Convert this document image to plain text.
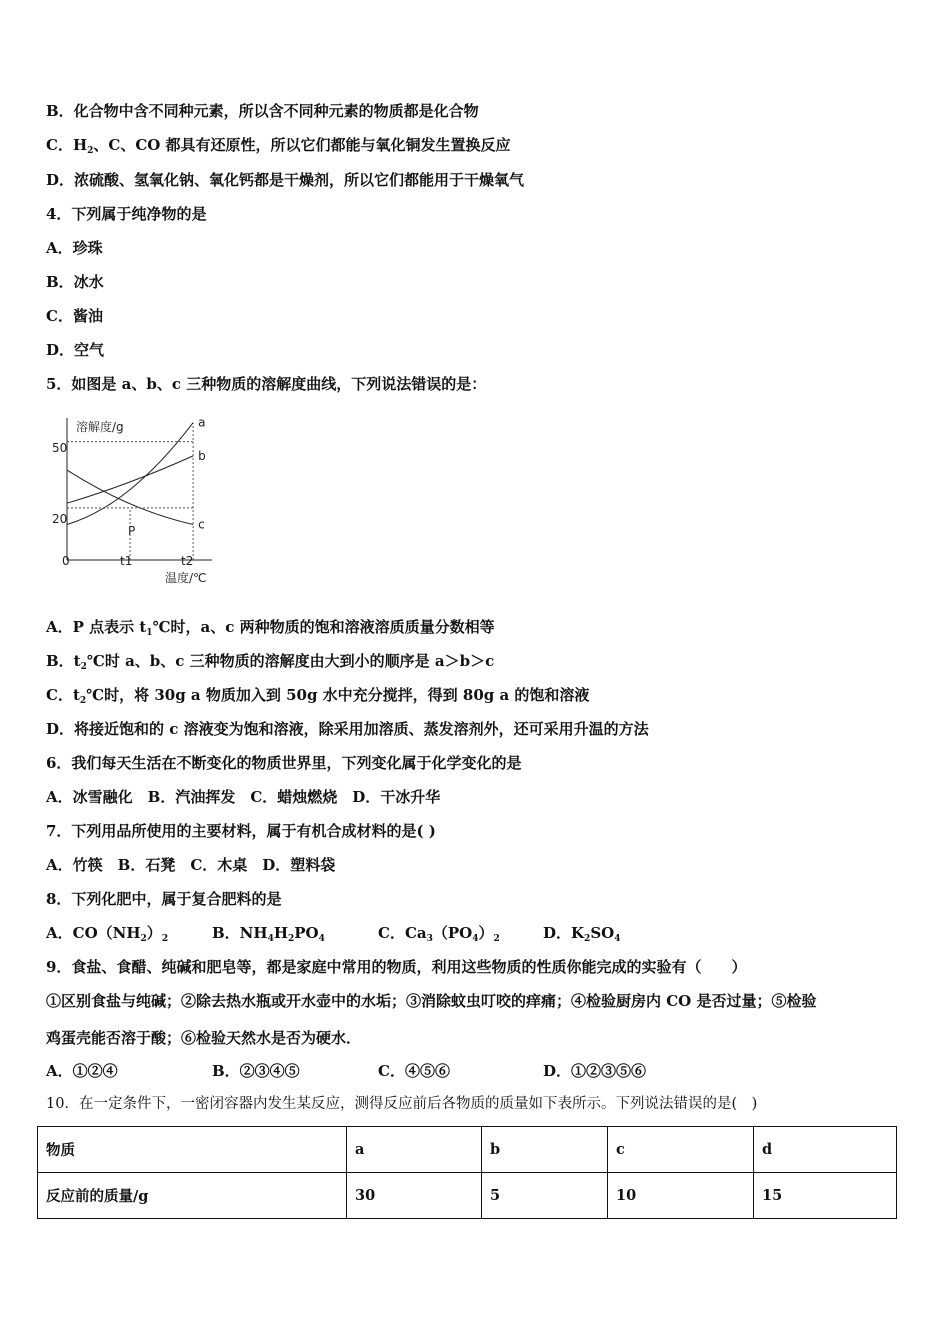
B．化合物中含不同种元素，所以含不同种元素的物质都是化合物
C．$H_2$、C、CO 都具有还原性，所以它们都能与氧化铜发生置换反应
D．浓硫酸、氢氧化钠、氧化钙都是干燥剂，所以它们都能用于干燥氧气
4．下列属于纯净物的是
A．珍珠
B．冰水
C．酱油
D．空气
5．如图是 a、b、c 三种物质的溶解度曲线，下列说法错误的是：
溶解度/g
温度/℃
50
20
0	t1	t2
P
a
b
c
A．P 点表示 $t_1℃$时，a、c 两种物质的饱和溶液溶质质量分数相等
B．$t_2℃$时 a、b、c 三种物质的溶解度由大到小的顺序是 a＞b＞c
C．$t_2℃$时，将 30g a 物质加入到 50g 水中充分搅拌，得到 80g a 的饱和溶液
D．将接近饱和的 c 溶液变为饱和溶液，除采用加溶质、蒸发溶剂外，还可采用升温的方法
6．我们每天生活在不断变化的物质世界里，下列变化属于化学变化的是
A．冰雪融化　B．汽油挥发　C．蜡烛燃烧　D．干冰升华
7．下列用品所使用的主要材料，属于有机合成材料的是( )
A．竹筷　B．石凳　C．木桌　D．塑料袋
8．下列化肥中，属于复合肥料的是
A．$CO(NH_2)_2$	B．$NH_4H_2PO_4$	C．$Ca_3(PO_4)_2$	D．$K_2SO_4$
9．食盐、食醋、纯碱和肥皂等，都是家庭中常用的物质，利用这些物质的性质你能完成的实验有（　　）
①区别食盐与纯碱；②除去热水瓶或开水壶中的水垢；③消除蚊虫叮咬的痒痛；④检验厨房内 CO 是否过量；⑤检验
鸡蛋壳能否溶于酸；⑥检验天然水是否为硬水．
A．①②④	B．②③④⑤	C．④⑤⑥	D．①②③⑤⑥
10．在一定条件下，一密闭容器内发生某反应，测得反应前后各物质的质量如下表所示。下列说法错误的是(　)
物质	a	b	c	d
反应前的质量/g	30	5	10	15
